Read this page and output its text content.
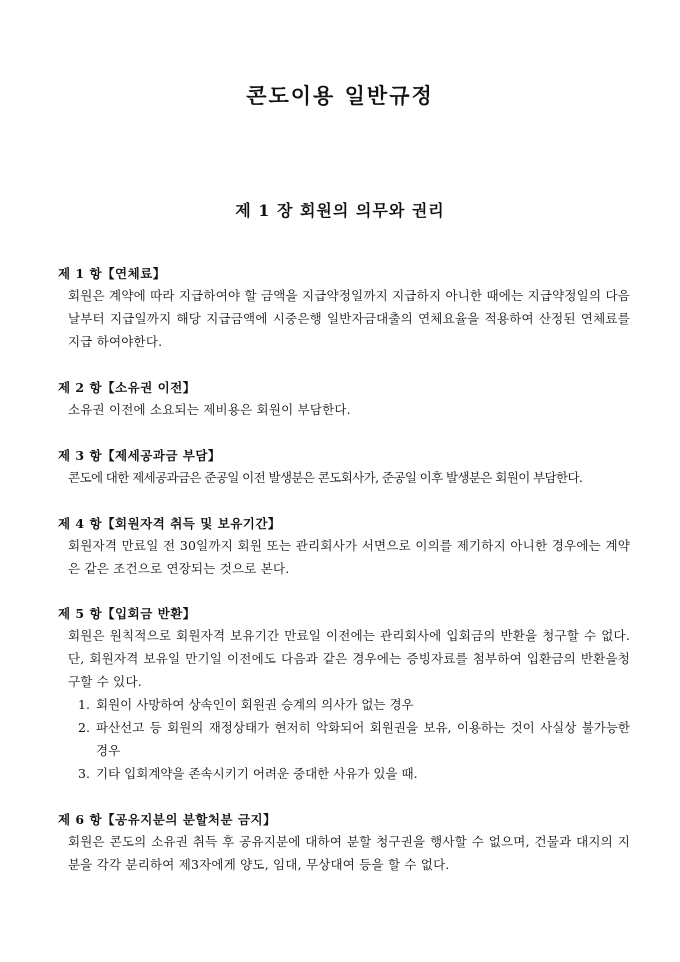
콘도이용 일반규정
제 1 장 회원의 의무와 권리
제 1 항【연체료】
회원은 계약에 따라 지급하여야 할 금액을 지급약정일까지 지급하지 아니한 때에는 지급약정일의 다음날부터 지급일까지 해당 지급금액에 시중은행 일반자금대출의 연체요율을 적용하여 산정된 연체료를 지급 하여야한다.
제 2 항【소유권 이전】
소유권 이전에 소요되는 제비용은 회원이 부담한다.
제 3 항【제세공과금 부담】
콘도에 대한 제세공과금은 준공일 이전 발생분은 콘도회사가, 준공일 이후 발생분은 회원이 부담한다.
제 4 항【회원자격 취득 및 보유기간】
회원자격 만료일 전 30일까지 회원 또는 관리회사가 서면으로 이의를 제기하지 아니한 경우에는 계약은 같은 조건으로 연장되는 것으로 본다.
제 5 항【입회금 반환】
회원은 원칙적으로 회원자격 보유기간 만료일 이전에는 관리회사에 입회금의 반환을 청구할 수 없다. 단, 회원자격 보유일 만기일 이전에도 다음과 같은 경우에는 증빙자료를 첨부하여 입환금의 반환을청구할 수 있다.
1. 회원이 사망하여 상속인이 회원권 승계의 의사가 없는 경우
2. 파산선고 등 회원의 재정상태가 현저히 악화되어 회원권을 보유, 이용하는 것이 사실상 불가능한 경우
3. 기타 입회계약을 존속시키기 어려운 중대한 사유가 있을 때.
제 6 항【공유지분의 분할처분 금지】
회원은 콘도의 소유권 취득 후 공유지분에 대하여 분할 청구권을 행사할 수 없으며, 건물과 대지의 지분을 각각 분리하여 제3자에게 양도, 임대, 무상대여 등을 할 수 없다.
